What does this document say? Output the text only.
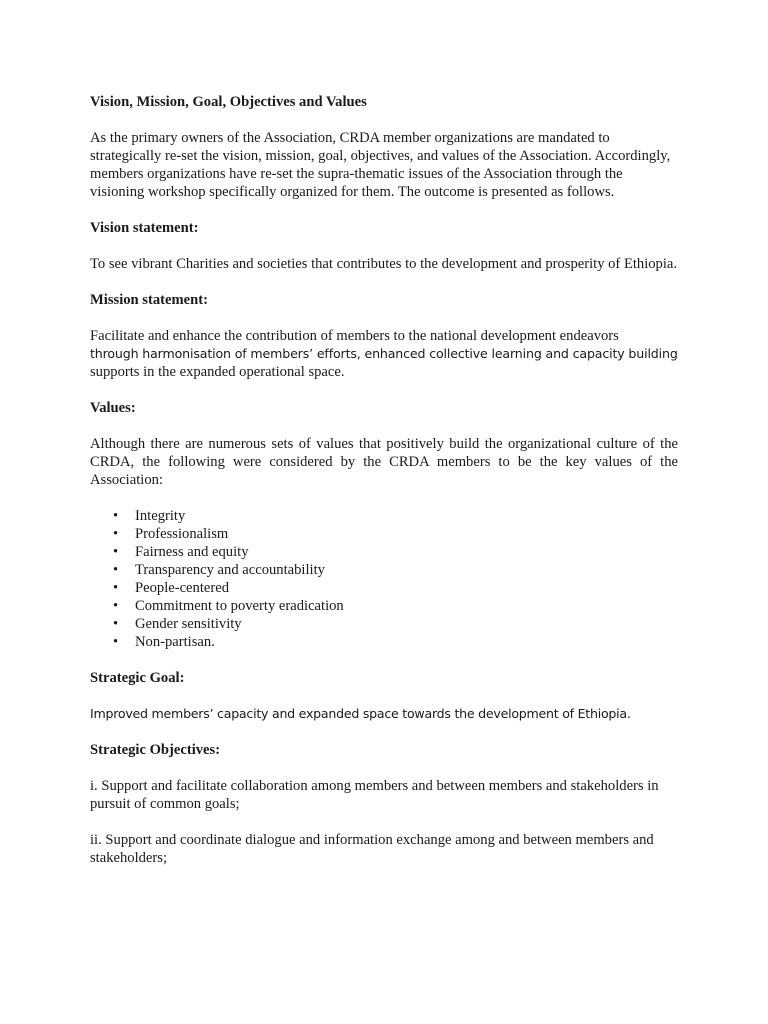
Vision, Mission, Goal, Objectives and Values

As the primary owners of the Association, CRDA member organizations are mandated to strategically re-set the vision, mission, goal, objectives, and values of the Association. Accordingly, members organizations have re-set the supra-thematic issues of the Association through the visioning workshop specifically organized for them. The outcome is presented as follows.

Vision statement:

To see vibrant Charities and societies that contributes to the development and prosperity of Ethiopia.

Mission statement:

Facilitate and enhance the contribution of members to the national development endeavors
through harmonisation of members’ efforts, enhanced collective learning and capacity building
supports in the expanded operational space.

Values:

Although there are numerous sets of values that positively build the organizational culture of the CRDA, the following were considered by the CRDA members to be the key values of the Association:

• Integrity
• Professionalism
• Fairness and equity
• Transparency and accountability
• People-centered
• Commitment to poverty eradication
• Gender sensitivity
• Non-partisan.
Strategic Goal:

Improved members’ capacity and expanded space towards the development of Ethiopia.

Strategic Objectives:

i. Support and facilitate collaboration among members and between members and stakeholders in pursuit of common goals;

ii. Support and coordinate dialogue and information exchange among and between members and stakeholders;
